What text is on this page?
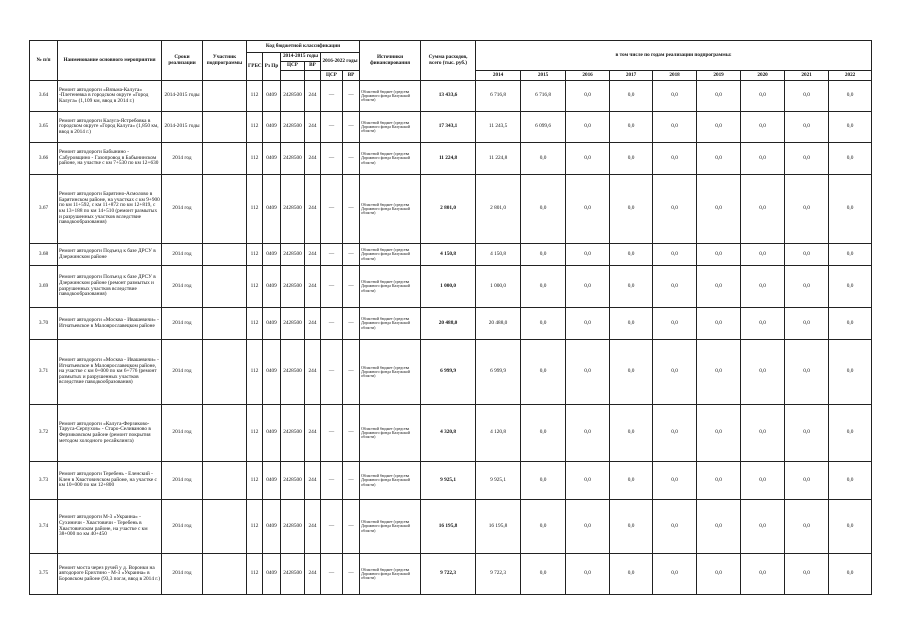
№ п/п	Наименование основного мероприятия	Сроки реализации	Участник подпрограммы	Код бюджетной классификации						Источники финансирования	Сумма расходов, всего (тыс. руб.)	в том числе по годам реализации подпрограммы:								
				ГРБС	Рз Пр	2014-2015 годы		2016-2022 годы												
						ЦСР	ВР													
								ЦСР	ВР			2014	2015	2016	2017	2018	2019	2020	2021	2022
3.64	Ремонт автодороги «Вязьма-Калуга» -Плетеневка в городском округе «Город Калуга» (1,109 км, ввод в 2014 г.)	2014-2015 годы		112	0409	2428500	244	—	—	Областной бюджет (средства Дорожного фонда Калужской области)	13 433,6	6 716,8	6 716,8	0,0	0,0	0,0	0,0	0,0	0,0	0,0
3.65	Ремонт автодороги Калуга-Ястребовка в городском округе «Город Калуга» (1,850 км, ввод в 2014 г.)	2014-2015 годы		112	0409	2428500	244	—	—	Областной бюджет (средства Дорожного фонда Калужской области)	17 343,1	11 243,5	6 099,6	0,0	0,0	0,0	0,0	0,0	0,0	0,0
3.66	Ремонт автодороги Бабынино - Сабуровщино - Газопровод в Бабынинском районе, на участке с км 7+530 по км 12+630	2014 год		112	0409	2428500	244	—	—	Областной бюджет (средства Дорожного фонда Калужской области)	11 224,8	11 224,8	0,0	0,0	0,0	0,0	0,0	0,0	0,0	0,0
3.67	Ремонт автодороги Барятино-Асмолово в Барятинском районе, на участках с км 9+900 по км 11+592, с км 11+872 по км 12+819, с км 13+188 по км 14+510 (ремонт размытых и разрушенных участков вследствие паводкообразования)	2014 год		112	0409	2428500	244	—	—	Областной бюджет (средства Дорожного фонда Калужской области)	2 801,0	2 801,0	0,0	0,0	0,0	0,0	0,0	0,0	0,0	0,0
3.68	Ремонт автодороги Подъезд к базе ДРСУ в Дзержинском районе	2014 год		112	0409	2428500	244	—	—	Областной бюджет (средства Дорожного фонда Калужской области)	4 150,8	4 150,8	0,0	0,0	0,0	0,0	0,0	0,0	0,0	0,0
3.69	Ремонт автодороги Полъезд к базе ДРСУ в Дзержинском районе (ремонт размытых и разрушенных участков вследствие паводкообразования)	2014 год		112	0409	2428500	244	—	—	Областной бюджет (средства Дорожного фонда Калужской области)	1 000,0	1 000,0	0,0	0,0	0,0	0,0	0,0	0,0	0,0	0,0
3.70	Ремонт автодороги «Москва - Ивашевичи» - Игнатьевское в Малоярославецком районе	2014 год		112	0409	2428500	244	—	—	Областной бюджет (средства Дорожного фонда Калужской области)	20 488,0	20 488,0	0,0	0,0	0,0	0,0	0,0	0,0	0,0	0,0
3.71	Ремонт автодороги «Москва - Ивашевичи» - Игнатьевское в Малоярославецком районе, на участке с км 0+000 по км 6+776 (ремонт размытых и разрушенных участков вследствие паводкообразования)	2014 год		112	0409	2428500	244	—	—	Областной бюджет (средства Дорожного фонда Калужской области)	6 999,9	6 999,9	0,0	0,0	0,0	0,0	0,0	0,0	0,0	0,0
3.72	Ремонт автодороги «Калуга-Ферзиково-Таруса-Серпухов» - Старо-Селивановo в Ферзиковском районе (ремонт покрытия методом холодного ресайклинга)	2014 год		112	0409	2428500	244	—	—	Областной бюджет (средства Дорожного фонда Калужской области)	4 320,8	4 120,8	0,0	0,0	0,0	0,0	0,0	0,0	0,0	0,0
3.73	Ремонт автодороги Теребень - Еленский - Клен в Хвастовичском районе, на участке с км 10+000 по км 12+800	2014 год		112	0409	2428500	244	—	—	Областной бюджет (средства Дорожного фонда Калужской области)	9 925,1	9 925,1	0,0	0,0	0,0	0,0	0,0	0,0	0,0	0,0
3.74	Ремонт автодороги М-3 «Украина» - Сухиничи - Хвастовичи - Теребень в Хвастовичском районе, на участке с км 38+000 по км 40+450	2014 год		112	0409	2428500	244	—	—	Областной бюджет (средства Дорожного фонда Калужской области)	16 195,8	16 195,8	0,0	0,0	0,0	0,0	0,0	0,0	0,0	0,0
3.75	Ремонт моста через ручей у д. Воронки на автодороге Ерихтино - М-3 «Украина» в Боровском районе (93,3 пог.м, ввод в 2014 г.)	2014 год		112	0409	2428500	244	—	—	Областной бюджет (средства Дорожного фонда Калужской области)	9 722,3	9 722,3	0,0	0,0	0,0	0,0	0,0	0,0	0,0	0,0
